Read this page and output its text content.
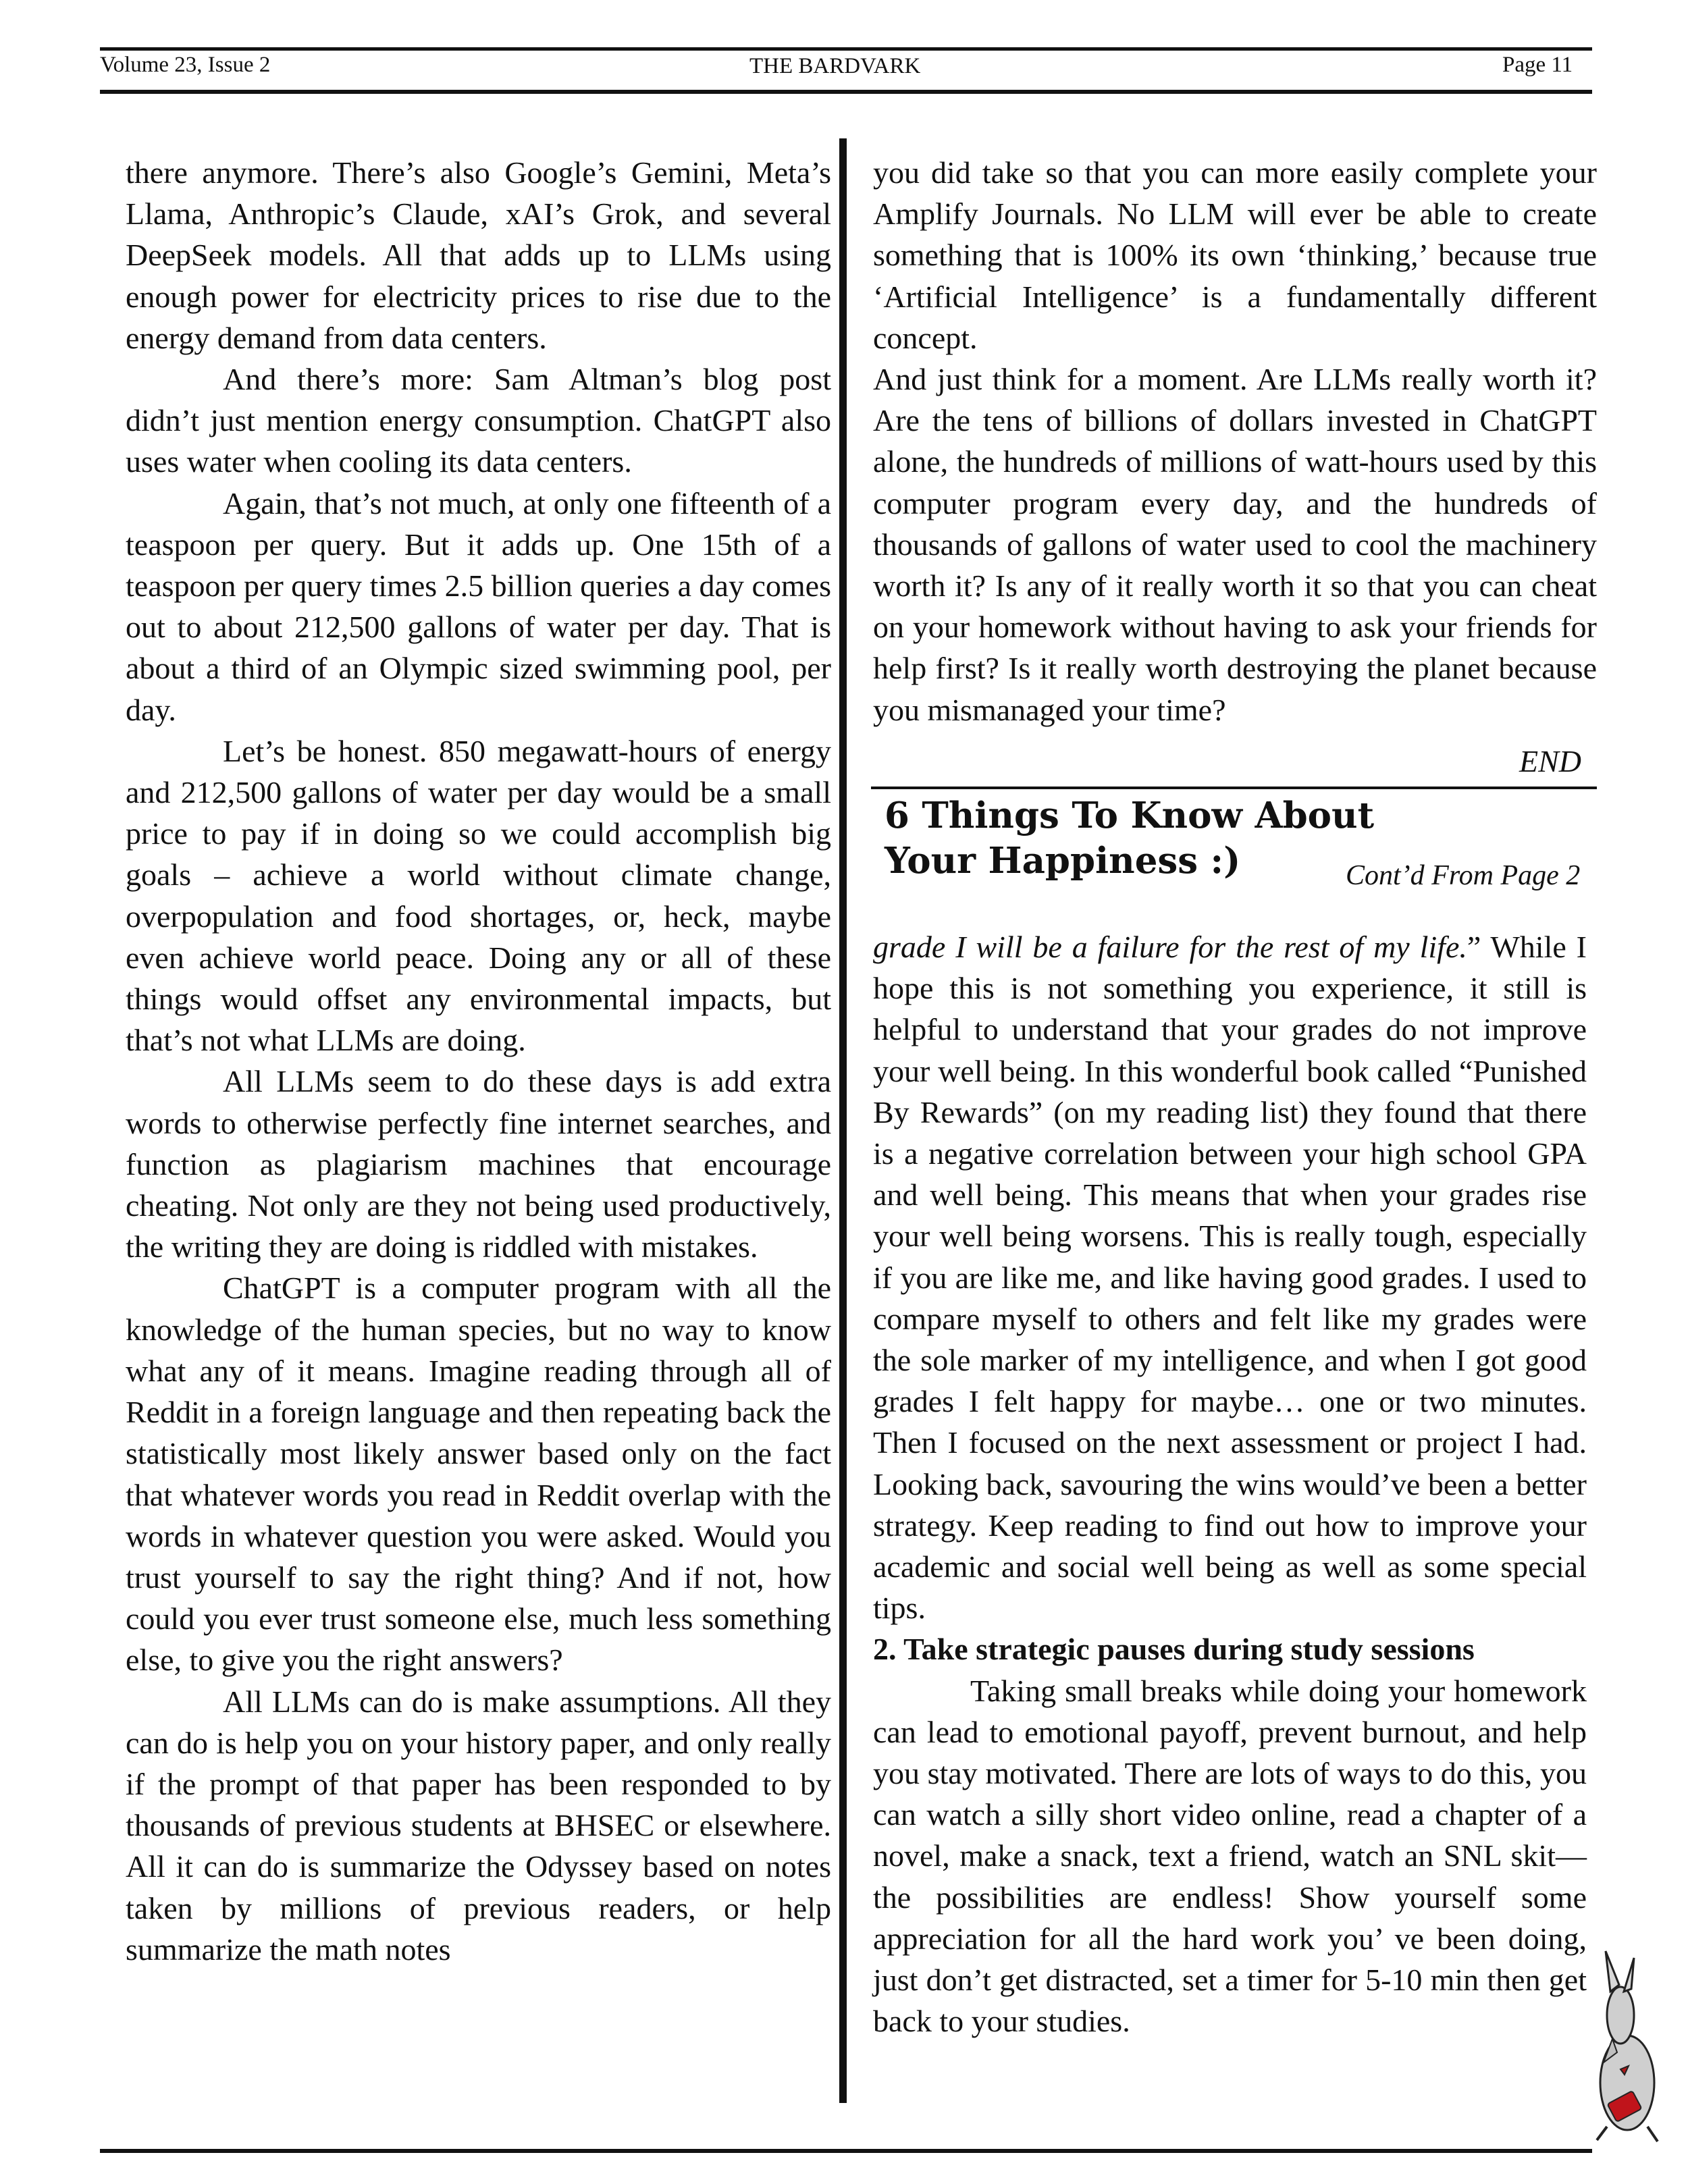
Volume 23, Issue 2	THE BARDVARK	Page 11

there anymore. There’s also Google’s Gemini, Meta’s Llama, Anthropic’s Claude, xAI’s Grok, and several DeepSeek models. All that adds up to LLMs using enough power for electricity prices to rise due to the energy demand from data centers.

And there’s more: Sam Altman’s blog post didn’t just mention energy consumption. ChatGPT also uses water when cooling its data centers.

Again, that’s not much, at only one fifteenth of a teaspoon per query. But it adds up. One 15th of a teaspoon per query times 2.5 billion queries a day comes out to about 212,500 gallons of water per day. That is about a third of an Olympic sized swimming pool, per day.

Let’s be honest. 850 megawatt-hours of energy and 212,500 gallons of water per day would be a small price to pay if in doing so we could accomplish big goals – achieve a world without climate change, overpopulation and food shortages, or, heck, maybe even achieve world peace. Doing any or all of these things would offset any environmental impacts, but that’s not what LLMs are doing.

All LLMs seem to do these days is add extra words to otherwise perfectly fine internet searches, and function as plagiarism machines that encourage cheating. Not only are they not being used productively, the writing they are doing is riddled with mistakes.

ChatGPT is a computer program with all the knowledge of the human species, but no way to know what any of it means. Imagine reading through all of Reddit in a foreign language and then repeating back the statistically most likely answer based only on the fact that whatever words you read in Reddit overlap with the words in whatever question you were asked. Would you trust yourself to say the right thing? And if not, how could you ever trust someone else, much less something else, to give you the right answers?

All LLMs can do is make assumptions. All they can do is help you on your history paper, and only really if the prompt of that paper has been responded to by thousands of previous students at BHSEC or elsewhere. All it can do is summarize the Odyssey based on notes taken by millions of previous readers, or help summarize the math notes

you did take so that you can more easily complete your Amplify Journals. No LLM will ever be able to create something that is 100% its own ‘thinking,’ because true ‘Artificial Intelligence’ is a fundamentally different concept.

And just think for a moment. Are LLMs really worth it? Are the tens of billions of dollars invested in ChatGPT alone, the hundreds of millions of watt-hours used by this computer program every day, and the hundreds of thousands of gallons of water used to cool the machinery worth it? Is any of it really worth it so that you can cheat on your homework without having to ask your friends for help first? Is it really worth destroying the planet because you mismanaged your time?

END
6 Things To Know About Your Happiness :)	Cont’d From Page 2

grade I will be a failure for the rest of my life.” While I hope this is not something you experience, it still is helpful to understand that your grades do not improve your well being. In this wonderful book called “Punished By Rewards” (on my reading list) they found that there is a negative correlation between your high school GPA and well being. This means that when your grades rise your well being worsens. This is really tough, especially if you are like me, and like having good grades. I used to compare myself to others and felt like my grades were the sole marker of my intelligence, and when I got good grades I felt happy for maybe… one or two minutes. Then I focused on the next assessment or project I had. Looking back, savouring the wins would’ve been a better strategy. Keep reading to find out how to improve your academic and social well being as well as some special tips.

2. Take strategic pauses during study sessions

Taking small breaks while doing your homework can lead to emotional payoff, prevent burnout, and help you stay motivated. There are lots of ways to do this, you can watch a silly short video online, read a chapter of a novel, make a snack, text a friend, watch an SNL skit— the possibilities are endless! Show yourself some appreciation for all the hard work you’ ve been doing, just don’t get distracted, set a timer for 5-10 min then get back to your studies.
